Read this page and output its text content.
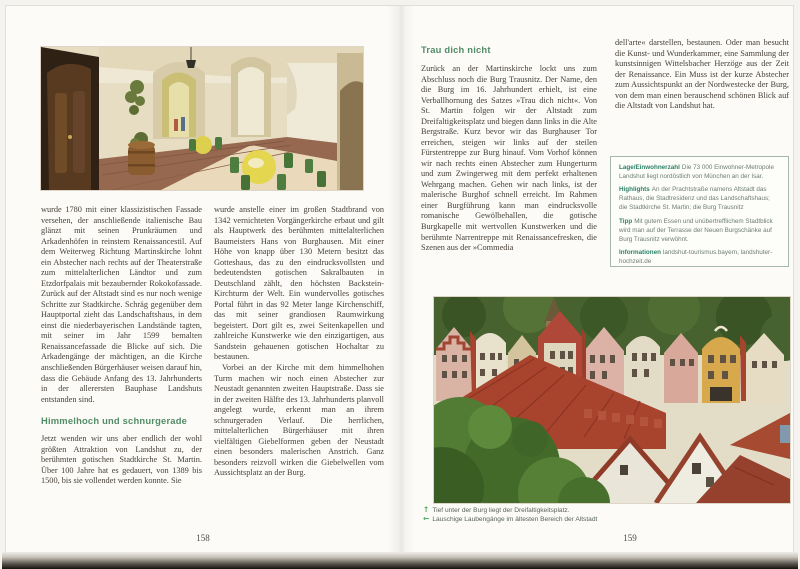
wurde 1780 mit einer klassizistischen Fassade versehen, der anschließende italienische Bau glänzt mit seinen Prunkräumen und Arkadenhöfen in reinstem Renaissancestil. Auf dem Weiterweg Richtung Martinskirche lohnt ein Abstecher nach rechts auf der Theaterstraße zum mittelalterlichen Ländtor und zum Etzdorfpalais mit bezaubernder Rokokofassade. Zurück auf der Altstadt sind es nur noch wenige Schritte zur Stadtkirche. Schräg gegenüber dem Hauptportal zieht das Landschaftshaus, in dem einst die niederbayerischen Landstände tagten, mit seiner im Jahr 1599 bemalten Renaissancefassade die Blicke auf sich. Die Arkadengänge der mächtigen, an die Kirche anschließenden Bürgerhäuser weisen darauf hin, dass die Gebäude Anfang des 13. Jahrhunderts in der allerersten Bauphase Landshuts entstanden sind.

Himmelhoch und schnurgerade

Jetzt wenden wir uns aber endlich der wohl größten Attraktion von Landshut zu, der berühmten gotischen Stadtkirche St. Martin. Über 100 Jahre hat es gedauert, von 1389 bis 1500, bis sie vollendet werden konnte. Sie

wurde anstelle einer im großen Stadtbrand von 1342 vernichteten Vorgängerkirche erbaut und gilt als Hauptwerk des berühmten mittelalterlichen Baumeisters Hans von Burghausen. Mit einer Höhe von knapp über 130 Metern besitzt das Gotteshaus, das zu den eindrucksvollsten und bedeutendsten gotischen Sakralbauten in Deutschland zählt, den höchsten Backstein-Kirchturm der Welt. Ein wundervolles gotisches Portal führt in das 92 Meter lange Kirchenschiff, das mit seiner grandiosen Raumwirkung begeistert. Dort gilt es, zwei Seitenkapellen und zahlreiche Kunstwerke wie den einzigartigen, aus Sandstein gehauenen gotischen Hochaltar zu bestaunen.

Vorbei an der Kirche mit dem himmelhohen Turm machen wir noch einen Abstecher zur Neustadt genannten zweiten Hauptstraße. Dass sie in der zweiten Hälfte des 13. Jahrhunderts planvoll angelegt wurde, erkennt man an ihrem schnurgeraden Verlauf. Die herrlichen, mittelalterlichen Bürgerhäuser mit ihren vielfältigen Giebelformen geben der Neustadt einen besonders malerischen Anstrich. Ganz besonders reizvoll wirken die Giebelwellen vom Aussichtsplatz an der Burg.

158
Trau dich nicht

Zurück an der Martinskirche lockt uns zum Abschluss noch die Burg Trausnitz. Der Name, den die Burg im 16. Jahrhundert erhielt, ist eine Verballhornung des Satzes »Trau dich nicht«. Von St. Martin folgen wir der Altstadt zum Dreifaltigkeitsplatz und biegen dann links in die Alte Bergstraße. Kurz bevor wir das Burghauser Tor erreichen, steigen wir links auf der steilen Fürstentreppe zur Burg hinauf. Vom Vorhof können wir nach rechts einen Abstecher zum Hungerturm und zum Zwingerweg mit dem perfekt erhaltenen Wehrgang machen. Gehen wir nach links, ist der malerische Burghof schnell erreicht. Im Rahmen einer Burgführung kann man eindrucksvolle romanische Gewölbehallen, die gotische Burgkapelle mit wertvollen Kunstwerken und die berühmte Narrentreppe mit Renaissancefresken, die Szenen aus der »Commedia

dell'arte« darstellen, bestaunen. Oder man besucht die Kunst- und Wunderkammer, eine Sammlung der kunstsinnigen Wittelsbacher Herzöge aus der Zeit der Renaissance. Ein Muss ist der kurze Abstecher zum Aussichtspunkt an der Nordwestecke der Burg, von dem man einen berauschend schönen Blick auf die Altstadt von Landshut hat.

Lage/Einwohnerzahl Die 73 000 Einwohner-Metropole Landshut liegt nordöstlich von München an der Isar.

Highlights An der Prachtstraße namens Altstadt das Rathaus, die Stadtresidenz und das Landschaftshaus; die Stadtkirche St. Martin; die Burg Trausnitz

Tipp Mit gutem Essen und unübertrefflichem Stadtblick wird man auf der Terrasse der Neuen Burgschänke auf Burg Trausnitz verwöhnt.

Informationen landshut-tourismus.bayern, landshuter-hochzeit.de

↑ Tief unter der Burg liegt der Dreifaltigkeitsplatz.
← Lauschige Laubengänge im ältesten Bereich der Altstadt
159
